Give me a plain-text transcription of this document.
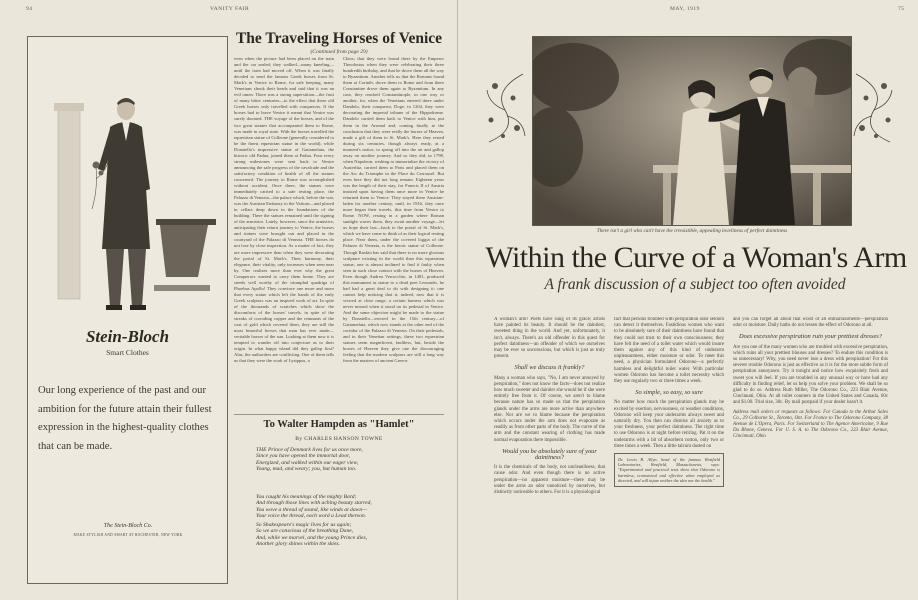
94	VANITY FAIR
Stein-Bloch
Smart Clothes
Our long experience of the past and our ambition for the future attain their fullest expression in the highest-quality clothes that can be made.
The Stein-Bloch Co.
MAKE STYLISH AND SMART AT ROCHESTER, NEW YORK
The Traveling Horses of Venice
(Continued from page 29)

even when the picture had been placed on the train and the car sealed; they walked—many kneeling—until the train had moved off. When it was finally decided to send the famous Greek horses from St. Mark's in Venice to Rome, for safe keeping, many Venetians shook their heads and said that it was an evil omen. There was a strong superstition—the fruit of many bitter centuries—to the effect that these old Greek horses only travelled with conquerors. If the horses had to leave Venice it meant that Venice was surely doomed. THE voyage of the horses, and of the two great statues that accompanied them to Rome, was made in royal state. With the horses travelled the equestrian statue of Colleone (generally considered to be the finest equestrian statue in the world), while Donatello's impressive statue of Gattamelata, the historic old Padua, joined them at Padua. Four every strong milestones were sent back to Venice announcing the safe progress of the cavalcade and the satisfactory condition of health of all the statues concerned. The journey to Rome was accomplished without accident. Once there, the statues were immediately carried to a safe resting place, the Palazzo di Venezia—the palace which, before the war, was the Austrian Embassy to the Vatican—and placed in cellars deep down in the foundations of the building. There the statues remained until the signing of the armistice. Lately, however, since the armistice, anticipating their return journey to Venice, the horses and statues were brought out and placed in the courtyard of the Palazzo di Venezia. THE horses do not lose by close inspection. As a matter of fact, they are more impressive than when they were decorating the portal of St. Mark's. Their harmony, their elegance, their vitality, only increases when seen near by. One realizes more than ever why the great Conquerors wanted to carry them home. They are steeds well worthy of the triumphal quadriga of Phoebus Apollo! They convince one more and more that every statue which left the hands of the early Greek sculptors was an inspired work of art. In spite of the thousands of scratches which show the discomforts of the horses' travels, in spite of the streaks of corroding copper and the remnants of the coat of gold which covered them, they are still the most beautiful horses that man has ever made—veritable horses of the sun. Looking at them now it is tempted to wander off into conjecture as to their origin. In what happy island did they gallop first? Alas, the authorities are conflicting. One of them tells us that they were the work of Lysippus, a

Chios; that they were found there by the Emperor Theodosius when they were celebrating their three hundredth birthday, and that he drove them all the way to Byzantium. Another tells us that the Romans found them at Corinth, drove them to Rome and from there Constantine drove them again to Byzantium. In any case, they reached Constantinople, in one way or another, for, when the Venetians entered there under Dandolo, their conqueror, Doge, in 1204, they were decorating the imperial tribune of the Hippodrome. Dandolo carried them back to Venice with him, put them in the Arsenal and, coming finally to the conclusion that they were really the horses of Heaven, made a gift of them to St. Mark's. Here they rested during six centuries, though always ready, at a moment's notice, to spring off into the air and gallop away on another journey. And so they did, in 1798, when Napoleon, wishing to immortalize the victory of Austerlitz, carried them to Paris and placed them on the Arc du Triomphe in the Place du Carrousel. But even here they did not long remain. Eighteen years was the length of their stay, for Francis II of Austria insisted upon having them once more in Venice he returned them to Venice. They stayed there Austrian-laden for another century, until, in 1916, they once more began their travels, this time from Venice to Rome. NOW, resting in a garden where Roman sunlight waves them, they await another voyage—let us hope their last—back to the portal of St. Mark's, which we have come to think of as their logical resting place. Near them, under the covered loggia of the Palazzo di Venezia, is the heroic statue of Colleone. Though Ruskin has said that there is no more glorious sculpture existing in the world than this equestrian statue, one is almost inclined to find it faulty when seen in such close contact with the horses of Heaven. Even though Andrea Verrocchio, in 1481, produced this monument as statue to a dead poet Leonardo, he had had a great deal to do with designing it: one cannot help noticing that it, indeed, now that it is viewed at close range, a certain harness which was never missed when it stood on its pedestal in Venice. And the same objection might be made to the statue by Donatello—erected in the 15th century—of Gattamelata, which now stands at the other end of the corridor of the Palazzo di Venezia. On their pedestals, and in their Venetian settings, these two equestrian statues seem magnificent, faultless, but, beside the horses of Heaven they give one the discouraging feeling that the modern sculptors are still a long way from the masters of ancient Greece.

To Walter Hampden as "Hamlet"
By CHARLES HANSON TOWNE
THE Prince of Denmark lives for us once more,
Since you have opened the immortal door,
Energized, and walked within our eager view,
Young, mad, and weary; you, but human too.
You caught his meanings of the mighty Bard;
And through those lines with aching beauty starred,
You wove a thread of sound, like winds at dawn—
Your voice the thread, each word a Lead thereon.
So Shakespeare's magic lives for us again;
So we are conscious of the breathing Dane,
And, while we marvel, and the young Prince dies,
Another glory shines within the skies.
MAY, 1919	75
There isn't a girl who can't have the irresistible, appealing loveliness of perfect daintiness
Within the Curve of a Woman's Arm
A frank discussion of a subject too often avoided

A woman's arm! Poets have sung of its grace; artists have painted its beauty. It should be the daintiest, sweetest thing in the world. And yet, unfortunately, it isn't, always. There's an old offender in this quest for perfect daintiness—an offender of which we ourselves may be ever so unconscious, but which is just as truly present.

Shall we discuss it frankly?

Many a woman who says, "No, I am never annoyed by perspiration," does not know the facts—does not realize how much sweeter and daintier she would be if she were entirely free from it. Of course, we aren't to blame because nature has so made us that the perspiration glands under the arms are more active than anywhere else. Nor are we to blame because the perspiration which occurs under the arm does not evaporate as readily as from other parts of the body. The curve of the arm and the constant wearing of clothing has made normal evaporation there impossible.

Would you be absolutely sure of your daintiness?

It is the chemicals of the body, not uncleanliness, that cause odor. And even though there is no active perspiration—no apparent moisture—there may be under the arms an odor unnoticed by ourselves, but distinctly noticeable to others. For it is a physiological

fact that persons troubled with perspiration odor seldom can detect it themselves. Fastidious women who want to be absolutely sure of their daintiness have found that they could not trust to their own consciousness; they have felt the need of a toilet water which would insure them against any of this kind of underarm unpleasantness, either moisture or odor. To meet this need, a physician formulated Odorono—a perfectly harmless and delightful toilet water. With particular women Odorono has become a toilet necessity which they use regularly two or three times a week.

So simple, so easy, so sure

No matter how much the perspiration glands may be excited by exertion, nervousness, or weather conditions, Odorono will keep your underarms always sweet and naturally dry. You then can dismiss all anxiety as to your freshness, your perfect daintiness. The right time to use Odorono is at night before retiring. Pat it on the underarms with a bit of absorbent cotton, only two or three times a week. Then a little talcum dusted on

Dr. Lewis B. Allyn, head of the famous Westfield Laboratories, Westfield, Massachusetts, says: "Experimental and practical tests show that Odorono is harmless, economical and effective when employed as directed, and will injure neither the skin nor the health."

and you can forget all about that worst of all embarrassments—perspiration odor or moisture. Daily baths do not lessen the effect of Odorono at all.

Does excessive perspiration ruin your prettiest dresses?

Are you one of the many women who are troubled with excessive perspiration, which ruins all your prettiest blouses and dresses? To endure this condition is so unnecessary! Why, you need never lose a dress with perspiration! For this severer trouble Odorono is just as effective as it is for the more subtle form of perspiration annoyance. Try it tonight and notice how exquisitely fresh and sweet you will feel. If you are troubled in any unusual way or have had any difficulty in finding relief, let us help you solve your problem. We shall be so glad to do so. Address Ruth Miller, The Odorono Co., 223 Blair Avenue, Cincinnati, Ohio. At all toilet counters in the United States and Canada, 60c and $1.00. Trial size, 30c. By mail postpaid if your dealer hasn't it.

Address mail orders or requests as follows: For Canada to the Arthur Sales Co., 29 Colborne St., Toronto, Ont. For France to The Odorono Company, 38 Avenue de L'Opera, Paris. For Switzerland to The Agence Americaine, 9 Rue Du Rhone, Geneva. For U. S. A. to The Odorono Co., 223 Blair Avenue, Cincinnati, Ohio
